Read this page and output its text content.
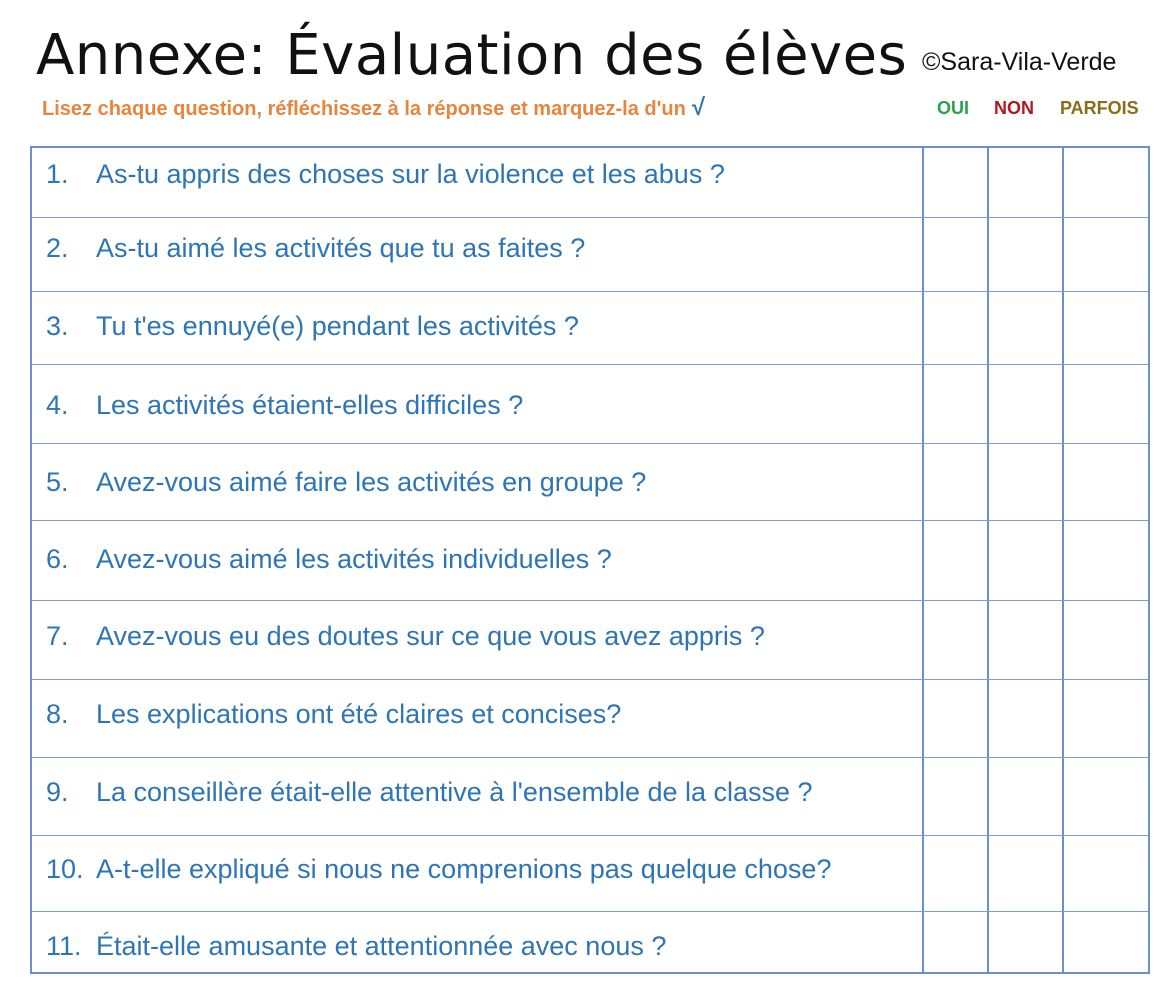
Annexe: Évaluation des élèves ©Sara-Vila-Verde
Lisez chaque question, réfléchissez à la réponse et marquez-la d'un √	OUI NON PARFOIS
1. As-tu appris des choses sur la violence et les abus ?
2. As-tu aimé les activités que tu as faites ?
3. Tu t'es ennuyé(e) pendant les activités ?
4. Les activités étaient-elles difficiles ?
5. Avez-vous aimé faire les activités en groupe ?
6. Avez-vous aimé les activités individuelles ?
7. Avez-vous eu des doutes sur ce que vous avez appris ?
8. Les explications ont été claires et concises?
9. La conseillère était-elle attentive à l'ensemble de la classe ?
10. A-t-elle expliqué si nous ne comprenions pas quelque chose?
11. Était-elle amusante et attentionnée avec nous ?
